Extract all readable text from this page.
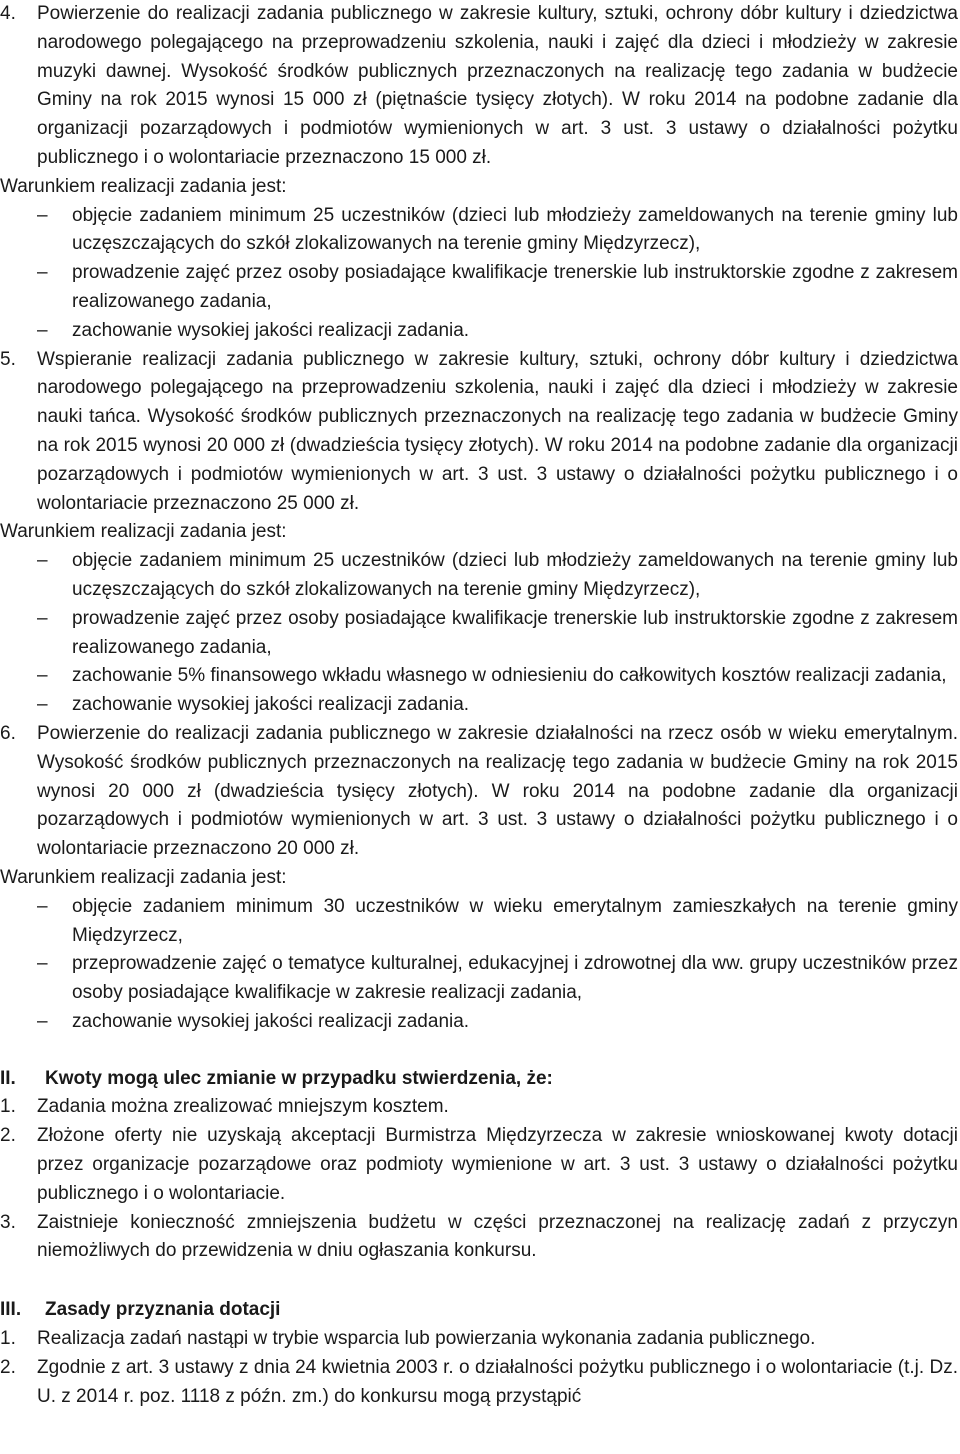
4. Powierzenie do realizacji zadania publicznego w zakresie kultury, sztuki, ochrony dóbr kultury i dziedzictwa narodowego polegającego na przeprowadzeniu szkolenia, nauki i zajęć dla dzieci i młodzieży w zakresie muzyki dawnej. Wysokość środków publicznych przeznaczonych na realizację tego zadania w budżecie Gminy na rok 2015 wynosi 15 000 zł (piętnaście tysięcy złotych). W roku 2014 na podobne zadanie dla organizacji pozarządowych i podmiotów wymienionych w art. 3 ust. 3 ustawy o działalności pożytku publicznego i o wolontariacie przeznaczono 15 000 zł.
Warunkiem realizacji zadania jest:
– objęcie zadaniem minimum 25 uczestników (dzieci lub młodzieży zameldowanych na terenie gminy lub uczęszczających do szkół zlokalizowanych na terenie gminy Międzyrzecz),
– prowadzenie zajęć przez osoby posiadające kwalifikacje trenerskie lub instruktorskie zgodne z zakresem realizowanego zadania,
– zachowanie wysokiej jakości realizacji zadania.
5. Wspieranie realizacji zadania publicznego w zakresie kultury, sztuki, ochrony dóbr kultury i dziedzictwa narodowego polegającego na przeprowadzeniu szkolenia, nauki i zajęć dla dzieci i młodzieży w zakresie nauki tańca. Wysokość środków publicznych przeznaczonych na realizację tego zadania w budżecie Gminy na rok 2015 wynosi 20 000 zł (dwadzieścia tysięcy złotych). W roku 2014 na podobne zadanie dla organizacji pozarządowych i podmiotów wymienionych w art. 3 ust. 3 ustawy o działalności pożytku publicznego i o wolontariacie przeznaczono 25 000 zł.
Warunkiem realizacji zadania jest:
– objęcie zadaniem minimum 25 uczestników (dzieci lub młodzieży zameldowanych na terenie gminy lub uczęszczających do szkół zlokalizowanych na terenie gminy Międzyrzecz),
– prowadzenie zajęć przez osoby posiadające kwalifikacje trenerskie lub instruktorskie zgodne z zakresem realizowanego zadania,
– zachowanie 5% finansowego wkładu własnego w odniesieniu do całkowitych kosztów realizacji zadania,
– zachowanie wysokiej jakości realizacji zadania.
6. Powierzenie do realizacji zadania publicznego w zakresie działalności na rzecz osób w wieku emerytalnym. Wysokość środków publicznych przeznaczonych na realizację tego zadania w budżecie Gminy na rok 2015 wynosi 20 000 zł (dwadzieścia tysięcy złotych). W roku 2014 na podobne zadanie dla organizacji pozarządowych i podmiotów wymienionych w art. 3 ust. 3 ustawy o działalności pożytku publicznego i o wolontariacie przeznaczono 20 000 zł.
Warunkiem realizacji zadania jest:
– objęcie zadaniem minimum 30 uczestników w wieku emerytalnym zamieszkałych na terenie gminy Międzyrzecz,
– przeprowadzenie zajęć o tematyce kulturalnej, edukacyjnej i zdrowotnej dla ww. grupy uczestników przez osoby posiadające kwalifikacje w zakresie realizacji zadania,
– zachowanie wysokiej jakości realizacji zadania.
II. Kwoty mogą ulec zmianie w przypadku stwierdzenia, że:
1. Zadania można zrealizować mniejszym kosztem.
2. Złożone oferty nie uzyskają akceptacji Burmistrza Międzyrzecza w zakresie wnioskowanej kwoty dotacji przez organizacje pozarządowe oraz podmioty wymienione w art. 3 ust. 3 ustawy o działalności pożytku publicznego i o wolontariacie.
3. Zaistnieje konieczność zmniejszenia budżetu w części przeznaczonej na realizację zadań z przyczyn niemożliwych do przewidzenia w dniu ogłaszania konkursu.
III. Zasady przyznania dotacji
1. Realizacja zadań nastąpi w trybie wsparcia lub powierzania wykonania zadania publicznego.
2. Zgodnie z art. 3 ustawy z dnia 24 kwietnia 2003 r. o działalności pożytku publicznego i o wolontariacie (t.j. Dz. U. z 2014 r. poz. 1118 z późn. zm.) do konkursu mogą przystąpić
